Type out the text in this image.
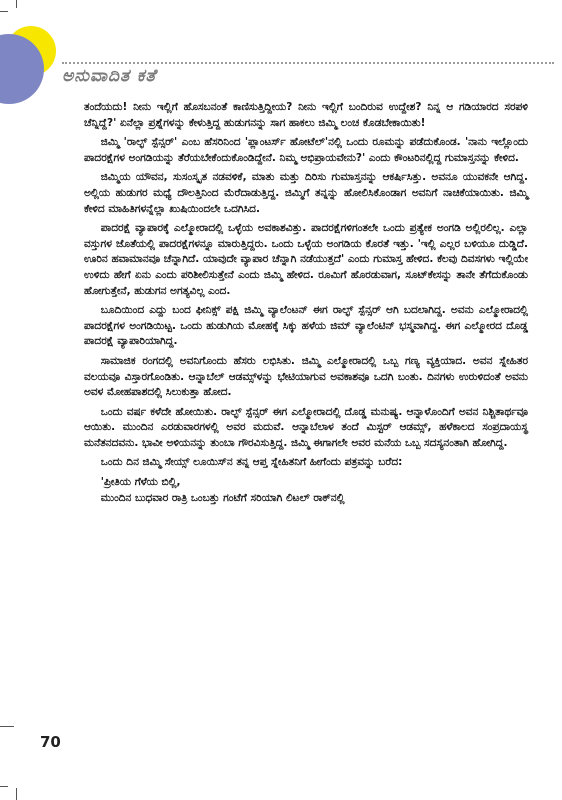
ಅನುವಾದಿತ ಕತೆ

ತಂದೆಯದು! ನೀನು ಇಲ್ಲಿಗೆ ಹೊಸಬನಂತೆ ಕಾಣಿಸುತ್ತಿದ್ದೀಯ? ನೀನು ಇಲ್ಲಿಗೆ ಬಂದಿರುವ ಉದ್ದೇಶ? ನಿನ್ನ ಆ ಗಡಿಯಾರದ ಸರಪಳಿ ಚೆನ್ನಿದ್ದೆ?' ಏನೆಲ್ಲಾ ಪ್ರಶ್ನೆಗಳನ್ನು ಕೇಳುತ್ತಿದ್ದ ಹುಡುಗನನ್ನು ಸಾಗ ಹಾಕಲು ಜಿಮ್ಮಿ ಲಂಚ ಕೊಡಬೇಕಾಯಿತು!

ಜಿಮ್ಮಿ 'ರಾಲ್ಫ್ ಸ್ಪೆನ್ಸರ್' ಎಂಬ ಹೆಸರಿನಿಂದ 'ಪ್ಲಾಂಟರ್ಸ್ ಹೋಟೆಲ್'ನಲ್ಲಿ ಒಂದು ರೂಮನ್ನು ಪಡೆದುಕೊಂಡ. 'ನಾನು ಇಲ್ಲೊಂದು ಪಾದರಕ್ಷೆಗಳ ಅಂಗಡಿಯನ್ನು ತೆರೆಯಬೇಕೆಂದುಕೊಂಡಿದ್ದೇನೆ. ನಿಮ್ಮ ಅಭಿಪ್ರಾಯವೇನು?' ಎಂದು ಕೌಂಟರಿನಲ್ಲಿದ್ದ ಗುಮಾಸ್ತನನ್ನು ಕೇಳಿದ.

ಜಿಮ್ಮಿಯ ಯೌವನ, ಸುಸಂಸ್ಕೃತ ನಡವಳಿಕೆ, ಮಾತು ಮತ್ತು ದಿರಿಸು ಗುಮಾಸ್ತನನ್ನು ಆಕರ್ಷಿಸಿತ್ತು. ಅವನೂ ಯುವಕನೇ ಆಗಿದ್ದ. ಅಲ್ಲಿಯ ಹುಡುಗರ ಮಧ್ಯೆ ದೌಲತ್ತಿನಿಂದ ಮೆರೆದಾಡುತ್ತಿದ್ದ. ಜಿಮ್ಮಿಗೆ ತನ್ನನ್ನು ಹೋಲಿಸಿಕೊಂಡಾಗ ಅವನಿಗೆ ನಾಚಿಕೆಯಾಯಿತು. ಜಿಮ್ಮಿ ಕೇಳಿದ ಮಾಹಿತಿಗಳನ್ನೆಲ್ಲಾ ಖುಷಿಯಿಂದಲೇ ಒದಗಿಸಿದ.

ಪಾದರಕ್ಷೆ ವ್ಯಾಪಾರಕ್ಕೆ ಎಲ್ಮೋರಾದಲ್ಲಿ ಒಳ್ಳೆಯ ಅವಕಾಶವಿತ್ತು. ಪಾದರಕ್ಷೆಗಳಿಗಂತಲೇ ಒಂದು ಪ್ರತ್ಯೇಕ ಅಂಗಡಿ ಅಲ್ಲಿರಲಿಲ್ಲ. ಎಲ್ಲಾ ವಸ್ತುಗಳ ಜೊತೆಯಲ್ಲಿ ಪಾದರಕ್ಷೆಗಳನ್ನೂ ಮಾರುತ್ತಿದ್ದರು. ಒಂದು ಒಳ್ಳೆಯ ಅಂಗಡಿಯ ಕೊರತೆ ಇತ್ತು. 'ಇಲ್ಲಿ ಎಲ್ಲರ ಬಳಿಯೂ ದುಡ್ಡಿದೆ. ಊರಿನ ಹವಾಮಾನವೂ ಚೆನ್ನಾಗಿದೆ. ಯಾವುದೇ ವ್ಯಾಪಾರ ಚೆನ್ನಾಗಿ ನಡೆಯುತ್ತದೆ' ಎಂದು ಗುಮಾಸ್ತ ಹೇಳಿದ. ಕೆಲವು ದಿವಸಗಳು ಇಲ್ಲಿಯೇ ಉಳಿದು ಹೇಗೆ ಏನು ಎಂದು ಪರಿಶೀಲಿಸುತ್ತೇನೆ ಎಂದು ಜಿಮ್ಮಿ ಹೇಳಿದ. ರೂಮಿಗೆ ಹೊರಡುವಾಗ, ಸೂಟ್‌ಕೇಸನ್ನು ತಾನೇ ತೆಗೆದುಕೊಂಡು ಹೋಗುತ್ತೇನೆ, ಹುಡುಗನ ಅಗತ್ಯವಿಲ್ಲ ಎಂದ.

ಬೂದಿಯಿಂದ ಎದ್ದು ಬಂದ ಫೀನಿಕ್ಸ್ ಪಕ್ಷಿ ಜಿಮ್ಮಿ ವ್ಯಾಲೆಂಟನ್ ಈಗ ರಾಲ್ಫ್ ಸ್ಪೆನ್ಸರ್ ಆಗಿ ಬದಲಾಗಿದ್ದ. ಅವನು ಎಲ್ಮೋರಾದಲ್ಲಿ ಪಾದರಕ್ಷೆಗಳ ಅಂಗಡಿಯಿಟ್ಟ. ಒಂದು ಹುಡುಗಿಯ ಮೋಹಕ್ಕೆ ಸಿಕ್ಕು ಹಳೆಯ ಜಿಮ್ ವ್ಯಾಲೆಂಟಿನ್ ಭಸ್ಮವಾಗಿದ್ದ. ಈಗ ಎಲ್ಮೋರದ ದೊಡ್ಡ ಪಾದರಕ್ಷೆ ವ್ಯಾಪಾರಿಯಾಗಿದ್ದ.

ಸಾಮಾಜಿಕ ರಂಗದಲ್ಲಿ ಅವನಿಗೊಂದು ಹೆಸರು ಲಭಿಸಿತು. ಜಿಮ್ಮಿ ಎಲ್ಮೋರಾದಲ್ಲಿ ಒಬ್ಬ ಗಣ್ಯ ವ್ಯಕ್ತಿಯಾದ. ಅವನ ಸ್ನೇಹಿತರ ವಲಯವೂ ವಿಸ್ತಾರಗೊಂಡಿತು. ಆನ್ನಾಬೆಲ್ ಆಡಮ್ಸ್‌ಳನ್ನು ಭೇಟಿಯಾಗುವ ಅವಕಾಶವೂ ಒದಗಿ ಬಂತು. ದಿನಗಳು ಉರುಳಿದಂತೆ ಅವನು ಅವಳ ಮೋಹಪಾಶದಲ್ಲಿ ಸಿಲುಕುತ್ತಾ ಹೋದ.

ಒಂದು ವರ್ಷ ಕಳೆದೇ ಹೋಯಿತು. ರಾಲ್ಫ್ ಸ್ಪೆನ್ಸರ್ ಈಗ ಎಲ್ಮೋರಾದಲ್ಲಿ ದೊಡ್ಡ ಮನುಷ್ಯ. ಆನ್ನಾಳೊಂದಿಗೆ ಅವನ ನಿಶ್ಚಿತಾರ್ಥವೂ ಆಯಿತು. ಮುಂದಿನ ಎರಡುವಾರಗಳಲ್ಲಿ ಅವರ ಮದುವೆ. ಆನ್ನಾಬೆಲಾಳ ತಂದೆ ಮಿಸ್ಟರ್ ಆಡಮ್ಸ್, ಹಳೆಕಾಲದ ಸಂಪ್ರದಾಯಸ್ಥ ಮನೆತನದವನು. ಭಾವೀ ಅಳಿಯನನ್ನು ತುಂಬಾ ಗೌರವಿಸುತ್ತಿದ್ದ. ಜಿಮ್ಮಿ ಈಗಾಗಲೇ ಅವರ ಮನೆಯ ಒಬ್ಬ ಸದಸ್ಯನಂತಾಗಿ ಹೋಗಿದ್ದ.

ಒಂದು ದಿನ ಜಿಮ್ಮಿ ಸೇಯ್ಸ್ ಲೂಯಿಸ್‌ನ ತನ್ನ ಆಪ್ತ ಸ್ನೇಹಿತನಿಗೆ ಹೀಗೆಂದು ಪತ್ರವನ್ನು ಬರೆದ:

'ಪ್ರೀತಿಯ ಗೆಳೆಯ ಬಿಲ್ಲಿ,

ಮುಂದಿನ ಬುಧವಾರ ರಾತ್ರಿ ಒಂಬತ್ತು ಗಂಟೆಗೆ ಸರಿಯಾಗಿ ಲಿಟಲ್ ರಾಕ್‌ನಲ್ಲಿ

70
